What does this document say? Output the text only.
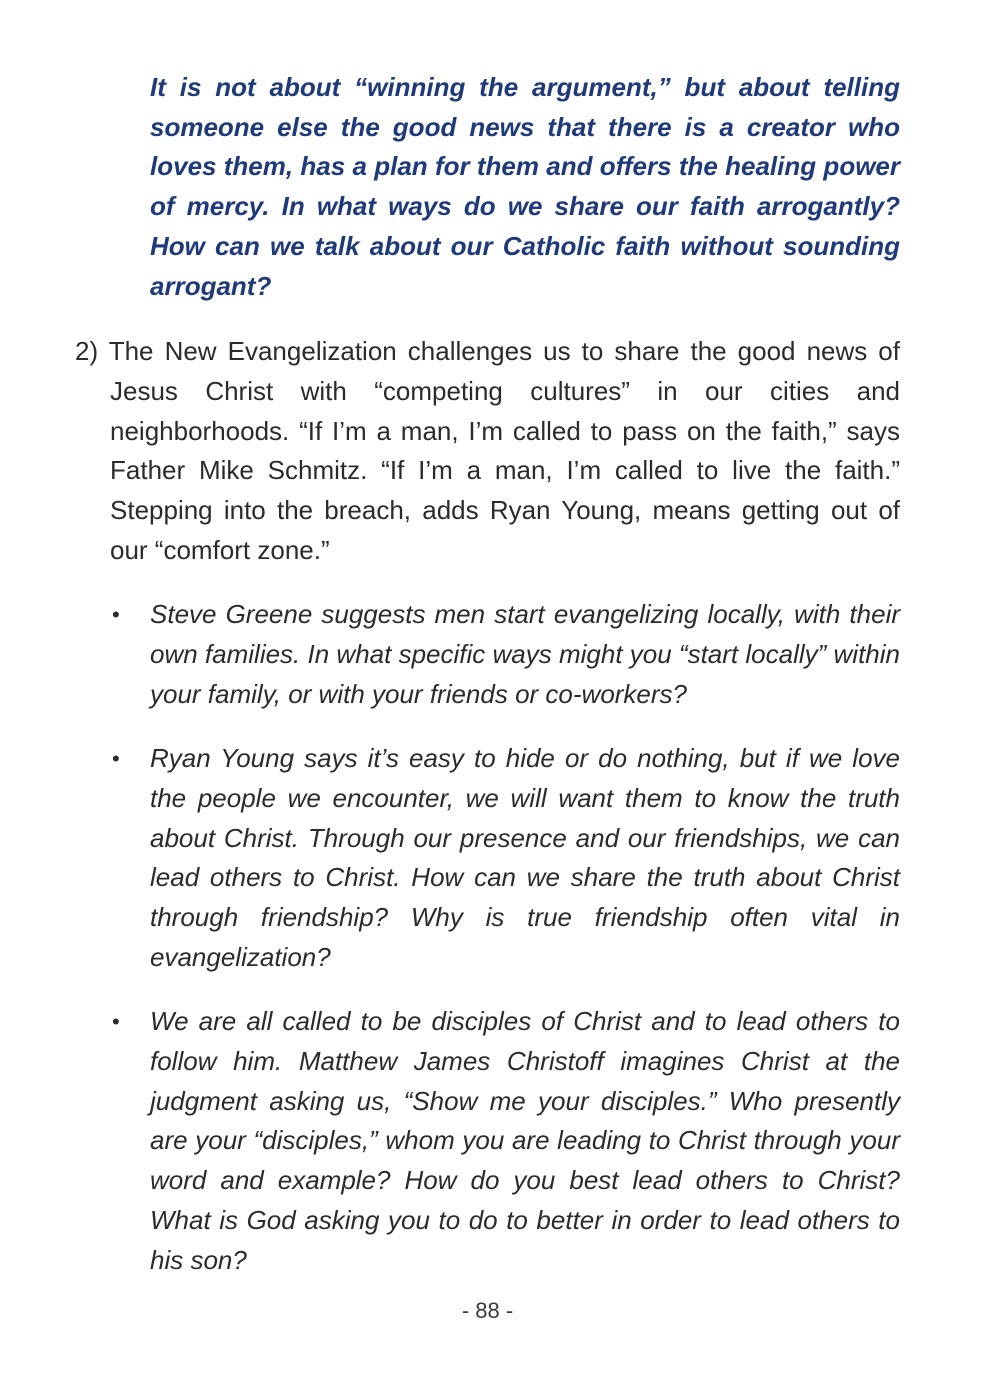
It is not about “winning the argument,” but about telling someone else the good news that there is a creator who loves them, has a plan for them and offers the healing power of mercy. In what ways do we share our faith arrogantly? How can we talk about our Catholic faith without sounding arrogant?

2) The New Evangelization challenges us to share the good news of Jesus Christ with “competing cultures” in our cities and neighborhoods. “If I’m a man, I’m called to pass on the faith,” says Father Mike Schmitz. “If I’m a man, I’m called to live the faith.” Stepping into the breach, adds Ryan Young, means getting out of our “comfort zone.”

• Steve Greene suggests men start evangelizing locally, with their own families. In what specific ways might you “start locally” within your family, or with your friends or co-workers?

• Ryan Young says it’s easy to hide or do nothing, but if we love the people we encounter, we will want them to know the truth about Christ. Through our presence and our friendships, we can lead others to Christ. How can we share the truth about Christ through friendship? Why is true friendship often vital in evangelization?

• We are all called to be disciples of Christ and to lead others to follow him. Matthew James Christoff imagines Christ at the judgment asking us, “Show me your disciples.” Who presently are your “disciples,” whom you are leading to Christ through your word and example? How do you best lead others to Christ? What is God asking you to do to better in order to lead others to his son?

- 88 -
